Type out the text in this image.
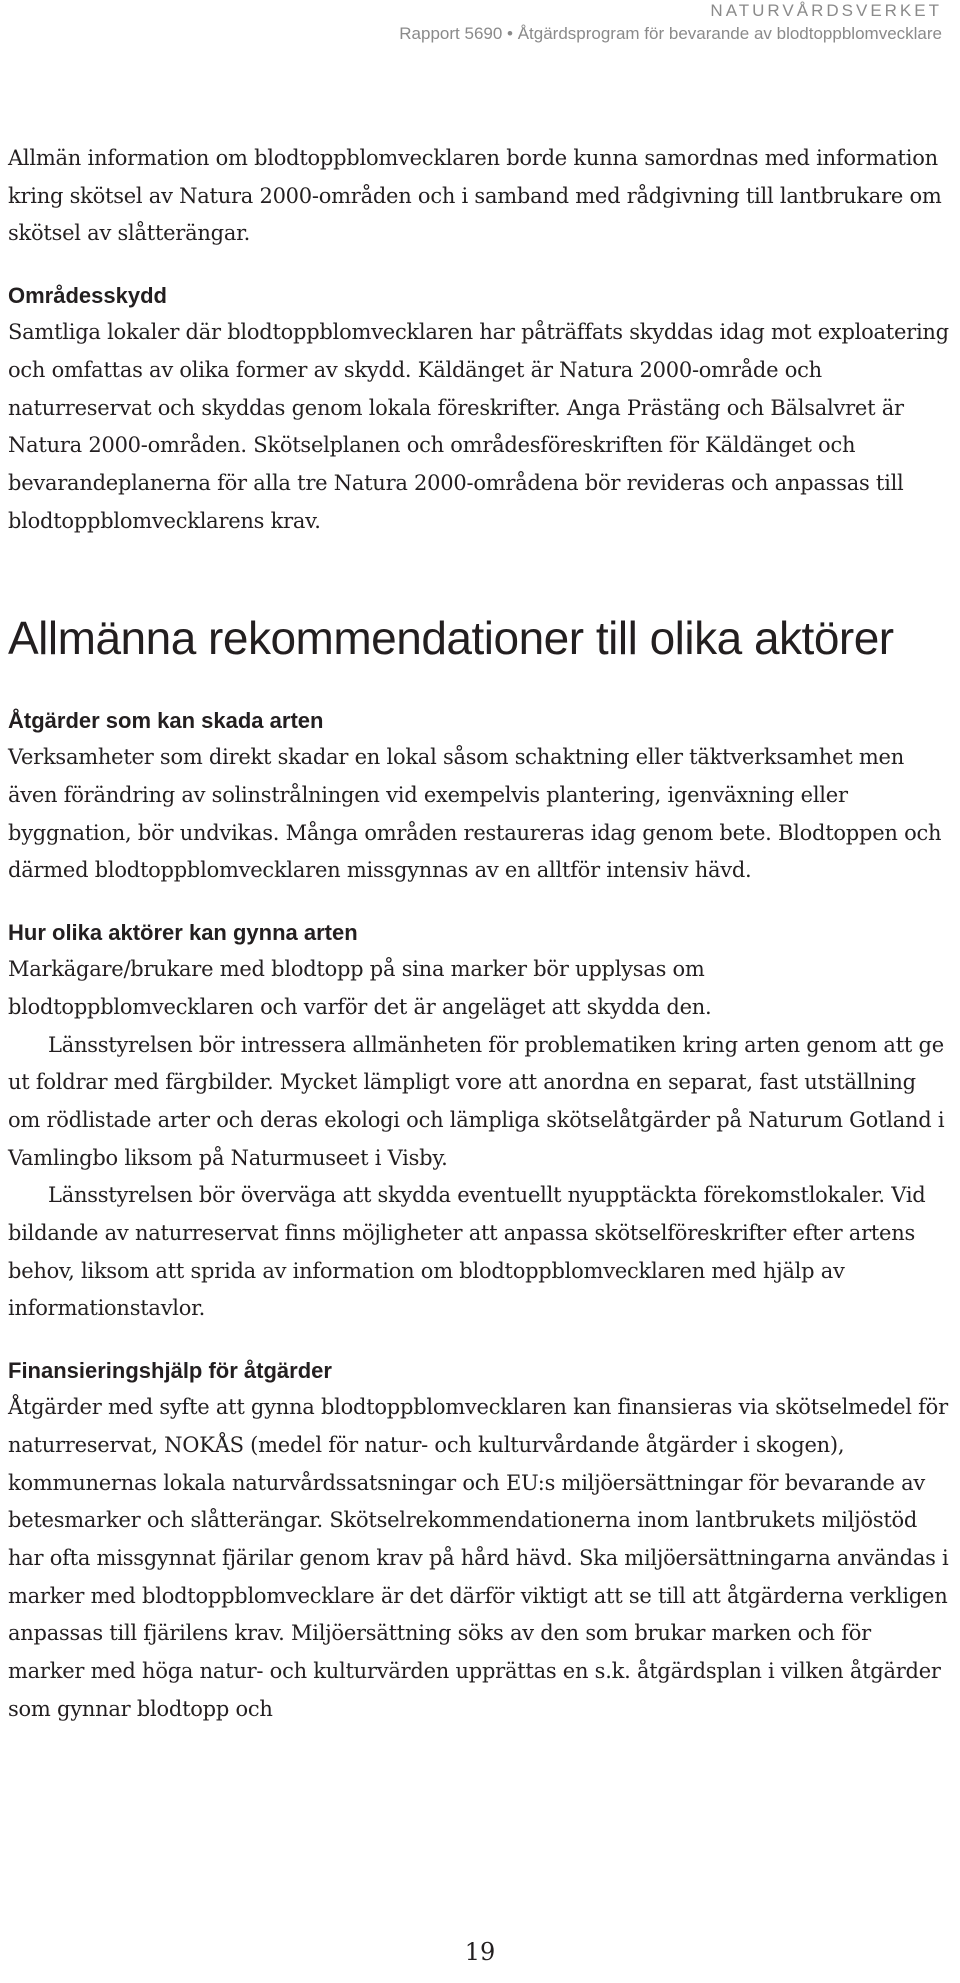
NATURVÅRDSVERKET
Rapport 5690 • Åtgärdsprogram för bevarande av blodtoppblomvecklare

Allmän information om blodtoppblomvecklaren borde kunna samordnas med information kring skötsel av Natura 2000-områden och i samband med rådgivning till lantbrukare om skötsel av slåtterängar.

Områdesskydd

Samtliga lokaler där blodtoppblomvecklaren har påträffats skyddas idag mot exploatering och omfattas av olika former av skydd. Käldänget är Natura 2000-område och naturreservat och skyddas genom lokala föreskrifter. Anga Prästäng och Bälsalvret är Natura 2000-områden. Skötselplanen och områdesföreskriften för Käldänget och bevarandeplanerna för alla tre Natura 2000-områdena bör revideras och anpassas till blodtoppblomvecklarens krav.

Allmänna rekommendationer till olika aktörer
Åtgärder som kan skada arten

Verksamheter som direkt skadar en lokal såsom schaktning eller täktverksamhet men även förändring av solinstrålningen vid exempelvis plantering, igenväxning eller byggnation, bör undvikas. Många områden restaureras idag genom bete. Blodtoppen och därmed blodtoppblomvecklaren missgynnas av en alltför intensiv hävd.

Hur olika aktörer kan gynna arten

Markägare/brukare med blodtopp på sina marker bör upplysas om blodtoppblomvecklaren och varför det är angeläget att skydda den.

Länsstyrelsen bör intressera allmänheten för problematiken kring arten genom att ge ut foldrar med färgbilder. Mycket lämpligt vore att anordna en separat, fast utställning om rödlistade arter och deras ekologi och lämpliga skötselåtgärder på Naturum Gotland i Vamlingbo liksom på Naturmuseet i Visby.

Länsstyrelsen bör överväga att skydda eventuellt nyupptäckta förekomstlokaler. Vid bildande av naturreservat finns möjligheter att anpassa skötselföreskrifter efter artens behov, liksom att sprida av information om blodtoppblomvecklaren med hjälp av informationstavlor.

Finansieringshjälp för åtgärder

Åtgärder med syfte att gynna blodtoppblomvecklaren kan finansieras via skötselmedel för naturreservat, NOKÅS (medel för natur- och kulturvårdande åtgärder i skogen), kommunernas lokala naturvårdssatsningar och EU:s miljöersättningar för bevarande av betesmarker och slåtterängar. Skötselrekommendationerna inom lantbrukets miljöstöd har ofta missgynnat fjärilar genom krav på hård hävd. Ska miljöersättningarna användas i marker med blodtoppblomvecklare är det därför viktigt att se till att åtgärderna verkligen anpassas till fjärilens krav. Miljöersättning söks av den som brukar marken och för marker med höga natur- och kulturvärden upprättas en s.k. åtgärdsplan i vilken åtgärder som gynnar blodtopp och

19
